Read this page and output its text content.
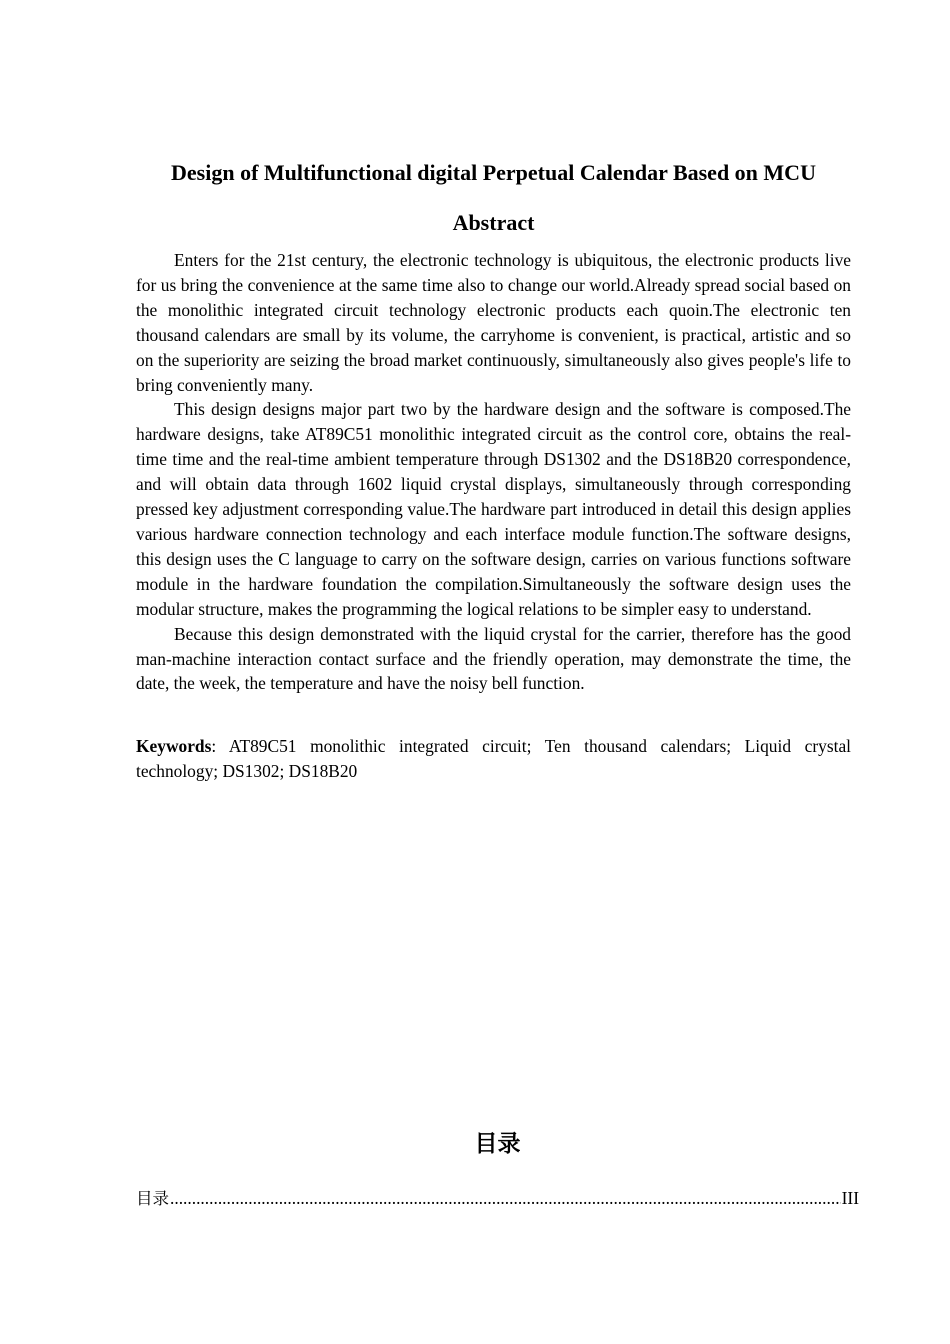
Design of Multifunctional digital Perpetual Calendar Based on MCU
Abstract

Enters for the 21st century, the electronic technology is ubiquitous, the electronic products live for us bring the convenience at the same time also to change our world.Already spread social based on the monolithic integrated circuit technology electronic products each quoin.The electronic ten thousand calendars are small by its volume, the carryhome is convenient, is practical, artistic and so on the superiority are seizing the broad market continuously, simultaneously also gives people's life to bring conveniently many.

This design designs major part two by the hardware design and the software is composed.The hardware designs, take AT89C51 monolithic integrated circuit as the control core, obtains the real-time time and the real-time ambient temperature through DS1302 and the DS18B20 correspondence, and will obtain data through 1602 liquid crystal displays, simultaneously through corresponding pressed key adjustment corresponding value.The hardware part introduced in detail this design applies various hardware connection technology and each interface module function.The software designs, this design uses the C language to carry on the software design, carries on various functions software module in the hardware foundation the compilation.Simultaneously the software design uses the modular structure, makes the programming the logical relations to be simpler easy to understand.

Because this design demonstrated with the liquid crystal for the carrier, therefore has the good man-machine interaction contact surface and the friendly operation, may demonstrate the time, the date, the week, the temperature and have the noisy bell function.

Keywords: AT89C51 monolithic integrated circuit; Ten thousand calendars; Liquid crystal technology; DS1302; DS18B20

目录
目录
.....	III
